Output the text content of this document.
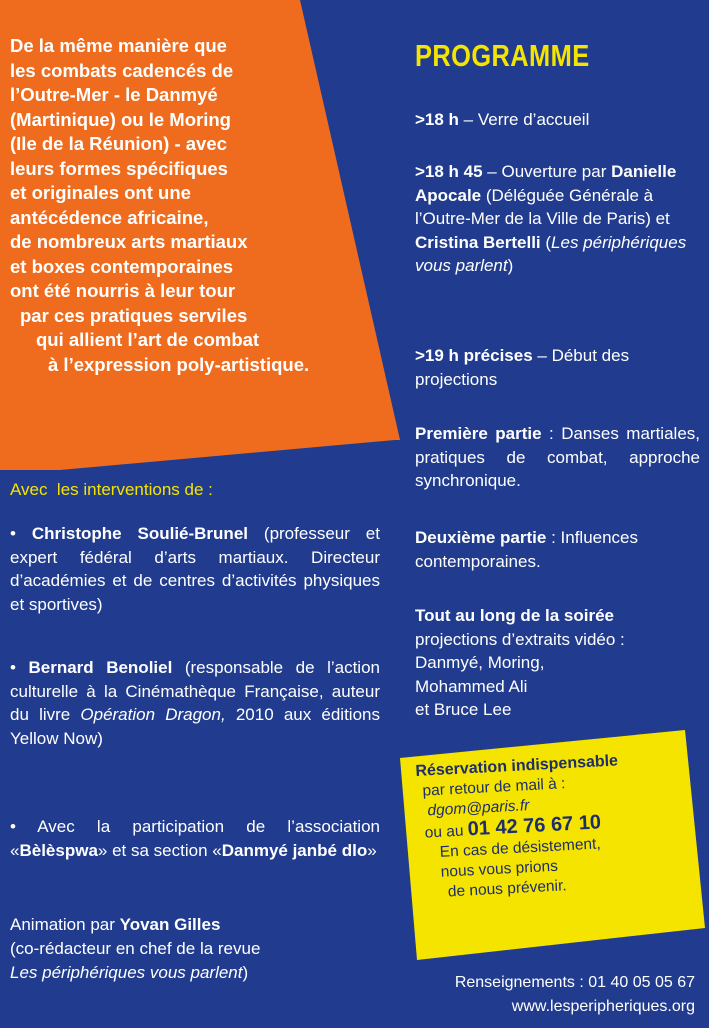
De la même manière que
les combats cadencés de
l’Outre-Mer - le Danmyé
(Martinique) ou le Moring
(Ile de la Réunion) - avec
leurs formes spécifiques
et originales ont une
antécédence africaine,
de nombreux arts martiaux
et boxes contemporaines
ont été nourris à leur tour
par ces pratiques serviles
qui allient l’art de combat
à l’expression poly-artistique.
Avec  les interventions de :
• Christophe Soulié-Brunel (professeur et expert fédéral d’arts martiaux. Directeur d’académies et de centres d’activités physiques et sportives)
• Bernard Benoliel (responsable de l’action culturelle à la Cinémathèque Française, auteur du livre Opération Dragon, 2010 aux éditions Yellow Now)
• Avec la participation de l’association «Bèlèspwa» et sa section «Danmyé janbé dlo»
Animation par Yovan Gilles
(co-rédacteur en chef de la revue
Les périphériques vous parlent)
PROGRAMME
>18 h – Verre d’accueil
>18 h 45 – Ouverture par Danielle Apocale (Déléguée Générale à l’Outre-Mer de la Ville de Paris) et Cristina Bertelli (Les périphériques vous parlent)
>19 h précises – Début des projections
Première partie : Danses martiales, pratiques de combat, approche synchronique.
Deuxième partie : Influences contemporaines.
Tout au long de la soirée
projections d’extraits vidéo :
Danmyé, Moring,
Mohammed Ali
et Bruce Lee
Réservation indispensable
par retour de mail à :
dgom@paris.fr
ou au 01 42 76 67 10
En cas de désistement,
nous vous prions
de nous prévenir.
Renseignements : 01 40 05 05 67
www.lesperipheriques.org
